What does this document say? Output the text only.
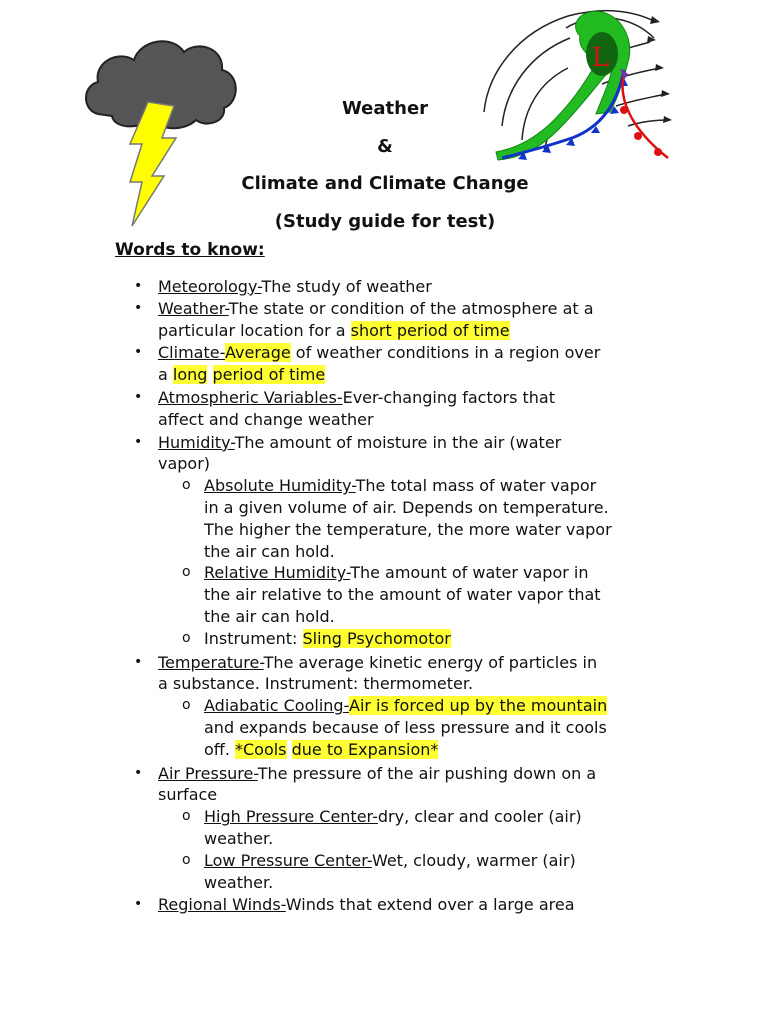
L
Weather
&
Climate and Climate Change
(Study guide for test)
Words to know:
• Meteorology-The study of weather
• Weather-The state or condition of the atmosphere at a
particular location for a short period of time
• Climate-Average of weather conditions in a region over
a long period of time
• Atmospheric Variables-Ever-changing factors that
affect and change weather
• Humidity-The amount of moisture in the air (water
vapor)
o Absolute Humidity-The total mass of water vapor
in a given volume of air. Depends on temperature.
The higher the temperature, the more water vapor
the air can hold.
o Relative Humidity-The amount of water vapor in
the air relative to the amount of water vapor that
the air can hold.
o Instrument: Sling Psychomotor
• Temperature-The average kinetic energy of particles in
a substance. Instrument: thermometer.
o Adiabatic Cooling-Air is forced up by the mountain
and expands because of less pressure and it cools
off. *Cools due to Expansion*
• Air Pressure-The pressure of the air pushing down on a
surface
o High Pressure Center-dry, clear and cooler (air)
weather.
o Low Pressure Center-Wet, cloudy, warmer (air)
weather.
• Regional Winds-Winds that extend over a large area
